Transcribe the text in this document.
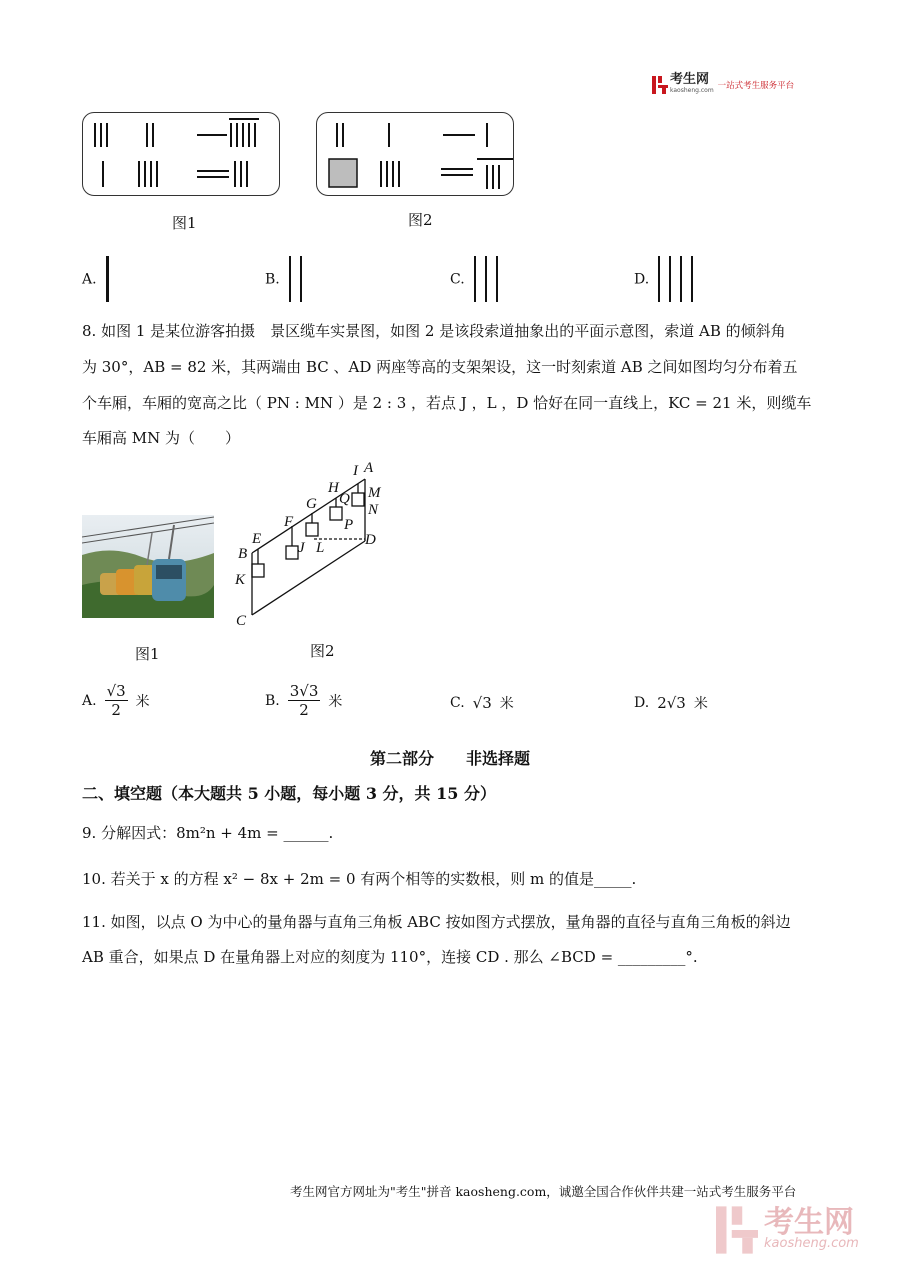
考生网
kaosheng.com 一站式考生服务平台
图1	图2
A.	B.	C.	D.
8. 如图 1 是某位游客拍摄　景区缆车实景图，如图 2 是该段索道抽象出的平面示意图，索道 AB 的倾斜角
为 30°，AB = 82 米，其两端由 BC 、AD 两座等高的支架架设，这一时刻索道 AB 之间如图均匀分布着五
个车厢，车厢的宽高之比（ PN : MN ）是 2 : 3 ，若点 J ，L ，D 恰好在同一直线上，KC = 21 米，则缆车
车厢高 MN 为（　　）
图1
I A
H
Q M
G	N
P
F
E
J L	D
B
K
C
图2
A. $\frac{√3}{2}$ 米	B. $\frac{3√3}{2}$ 米	C. √3 米	D. 2√3 米
第二部分　　非选择题
二、填空题（本大题共 5 小题，每小题 3 分，共 15 分）
9. 分解因式：8m²n + 4m = ______.
10. 若关于 x 的方程 x² − 8x + 2m = 0 有两个相等的实数根，则 m 的值是_____.
11. 如图，以点 O 为中心的量角器与直角三角板 ABC 按如图方式摆放，量角器的直径与直角三角板的斜边
AB 重合，如果点 D 在量角器上对应的刻度为 110°，连接 CD . 那么 ∠BCD = _________°.
考生网官方网址为"考生"拼音 kaosheng.com，诚邀全国合作伙伴共建一站式考生服务平台
考生网
kaosheng.com
